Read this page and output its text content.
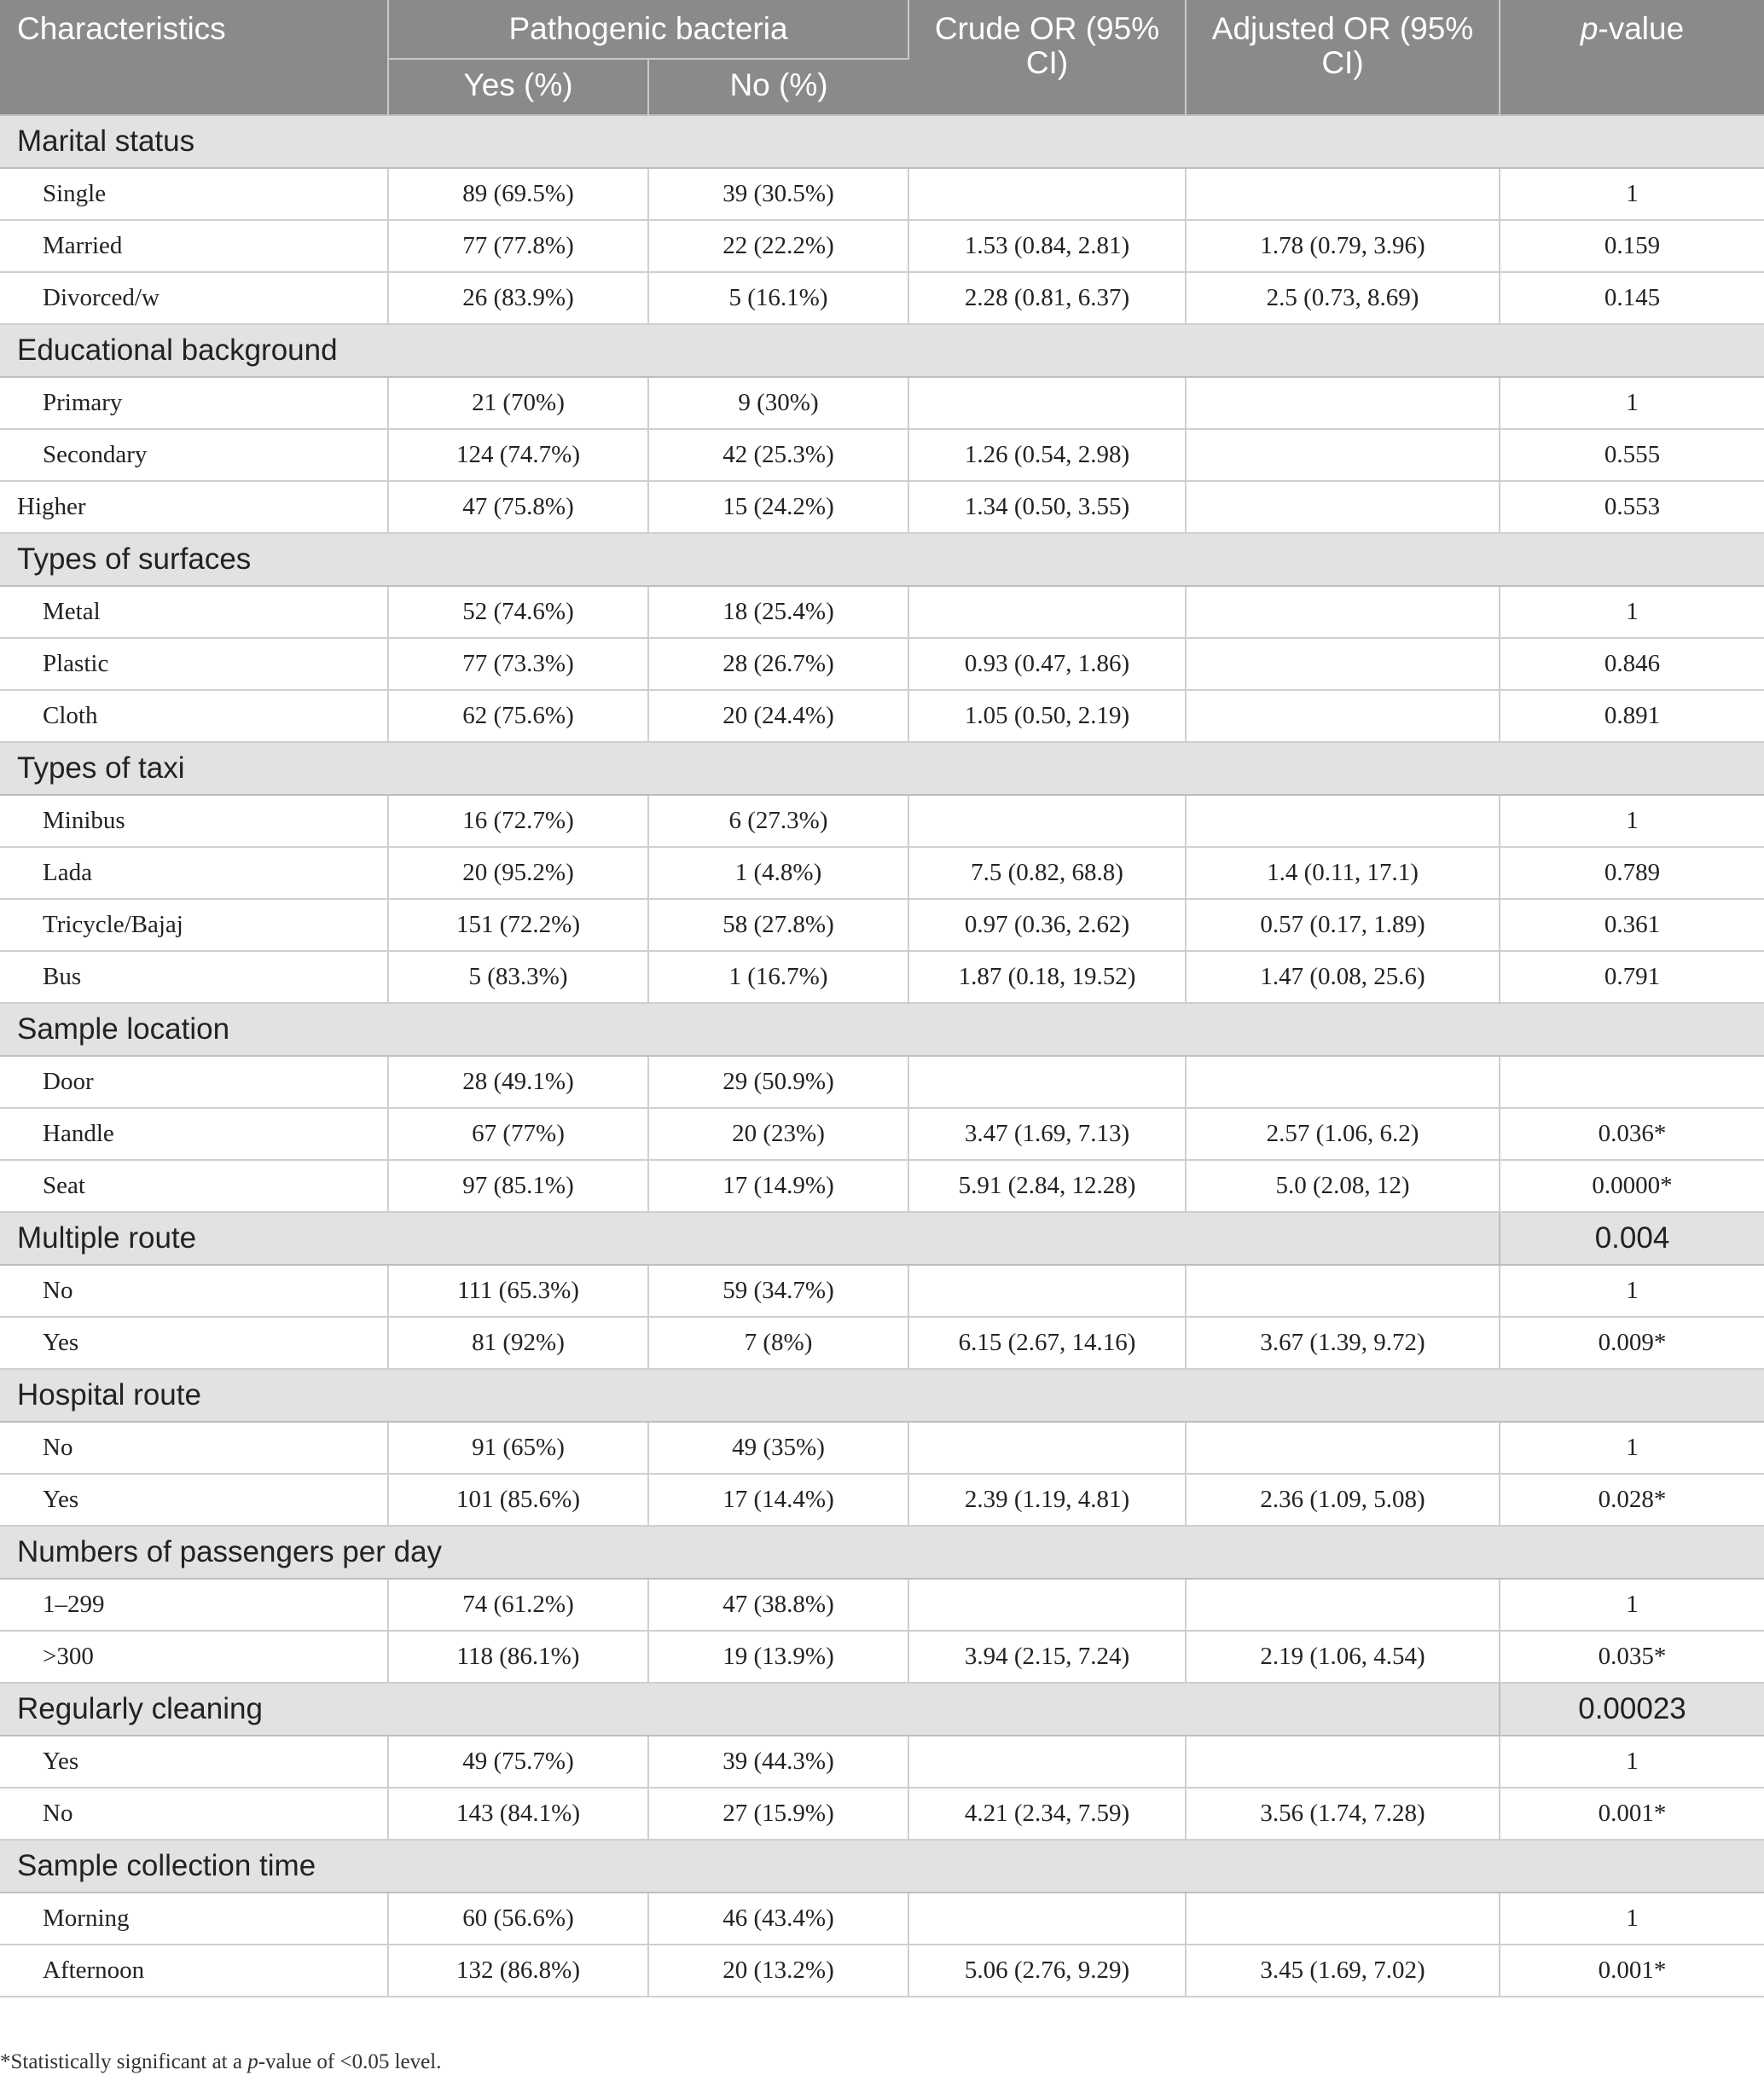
Characteristics	Pathogenic bacteria		Crude OR (95% CI)	Adjusted OR (95% CI)	p-value
	Yes (%)	No (%)			
Marital status					
Single	89 (69.5%)	39 (30.5%)			1
Married	77 (77.8%)	22 (22.2%)	1.53 (0.84, 2.81)	1.78 (0.79, 3.96)	0.159
Divorced/w	26 (83.9%)	5 (16.1%)	2.28 (0.81, 6.37)	2.5 (0.73, 8.69)	0.145
Educational background					
Primary	21 (70%)	9 (30%)			1
Secondary	124 (74.7%)	42 (25.3%)	1.26 (0.54, 2.98)		0.555
Higher	47 (75.8%)	15 (24.2%)	1.34 (0.50, 3.55)		0.553
Types of surfaces					
Metal	52 (74.6%)	18 (25.4%)			1
Plastic	77 (73.3%)	28 (26.7%)	0.93 (0.47, 1.86)		0.846
Cloth	62 (75.6%)	20 (24.4%)	1.05 (0.50, 2.19)		0.891
Types of taxi					
Minibus	16 (72.7%)	6 (27.3%)			1
Lada	20 (95.2%)	1 (4.8%)	7.5 (0.82, 68.8)	1.4 (0.11, 17.1)	0.789
Tricycle/Bajaj	151 (72.2%)	58 (27.8%)	0.97 (0.36, 2.62)	0.57 (0.17, 1.89)	0.361
Bus	5 (83.3%)	1 (16.7%)	1.87 (0.18, 19.52)	1.47 (0.08, 25.6)	0.791
Sample location					
Door	28 (49.1%)	29 (50.9%)			
Handle	67 (77%)	20 (23%)	3.47 (1.69, 7.13)	2.57 (1.06, 6.2)	0.036*
Seat	97 (85.1%)	17 (14.9%)	5.91 (2.84, 12.28)	5.0 (2.08, 12)	0.0000*
Multiple route					0.004
No	111 (65.3%)	59 (34.7%)			1
Yes	81 (92%)	7 (8%)	6.15 (2.67, 14.16)	3.67 (1.39, 9.72)	0.009*
Hospital route					
No	91 (65%)	49 (35%)			1
Yes	101 (85.6%)	17 (14.4%)	2.39 (1.19, 4.81)	2.36 (1.09, 5.08)	0.028*
Numbers of passengers per day					
1–299	74 (61.2%)	47 (38.8%)			1
>300	118 (86.1%)	19 (13.9%)	3.94 (2.15, 7.24)	2.19 (1.06, 4.54)	0.035*
Regularly cleaning					0.00023
Yes	49 (75.7%)	39 (44.3%)			1
No	143 (84.1%)	27 (15.9%)	4.21 (2.34, 7.59)	3.56 (1.74, 7.28)	0.001*
Sample collection time					
Morning	60 (56.6%)	46 (43.4%)			1
Afternoon	132 (86.8%)	20 (13.2%)	5.06 (2.76, 9.29)	3.45 (1.69, 7.02)	0.001*
*Statistically significant at a p-value of <0.05 level.
